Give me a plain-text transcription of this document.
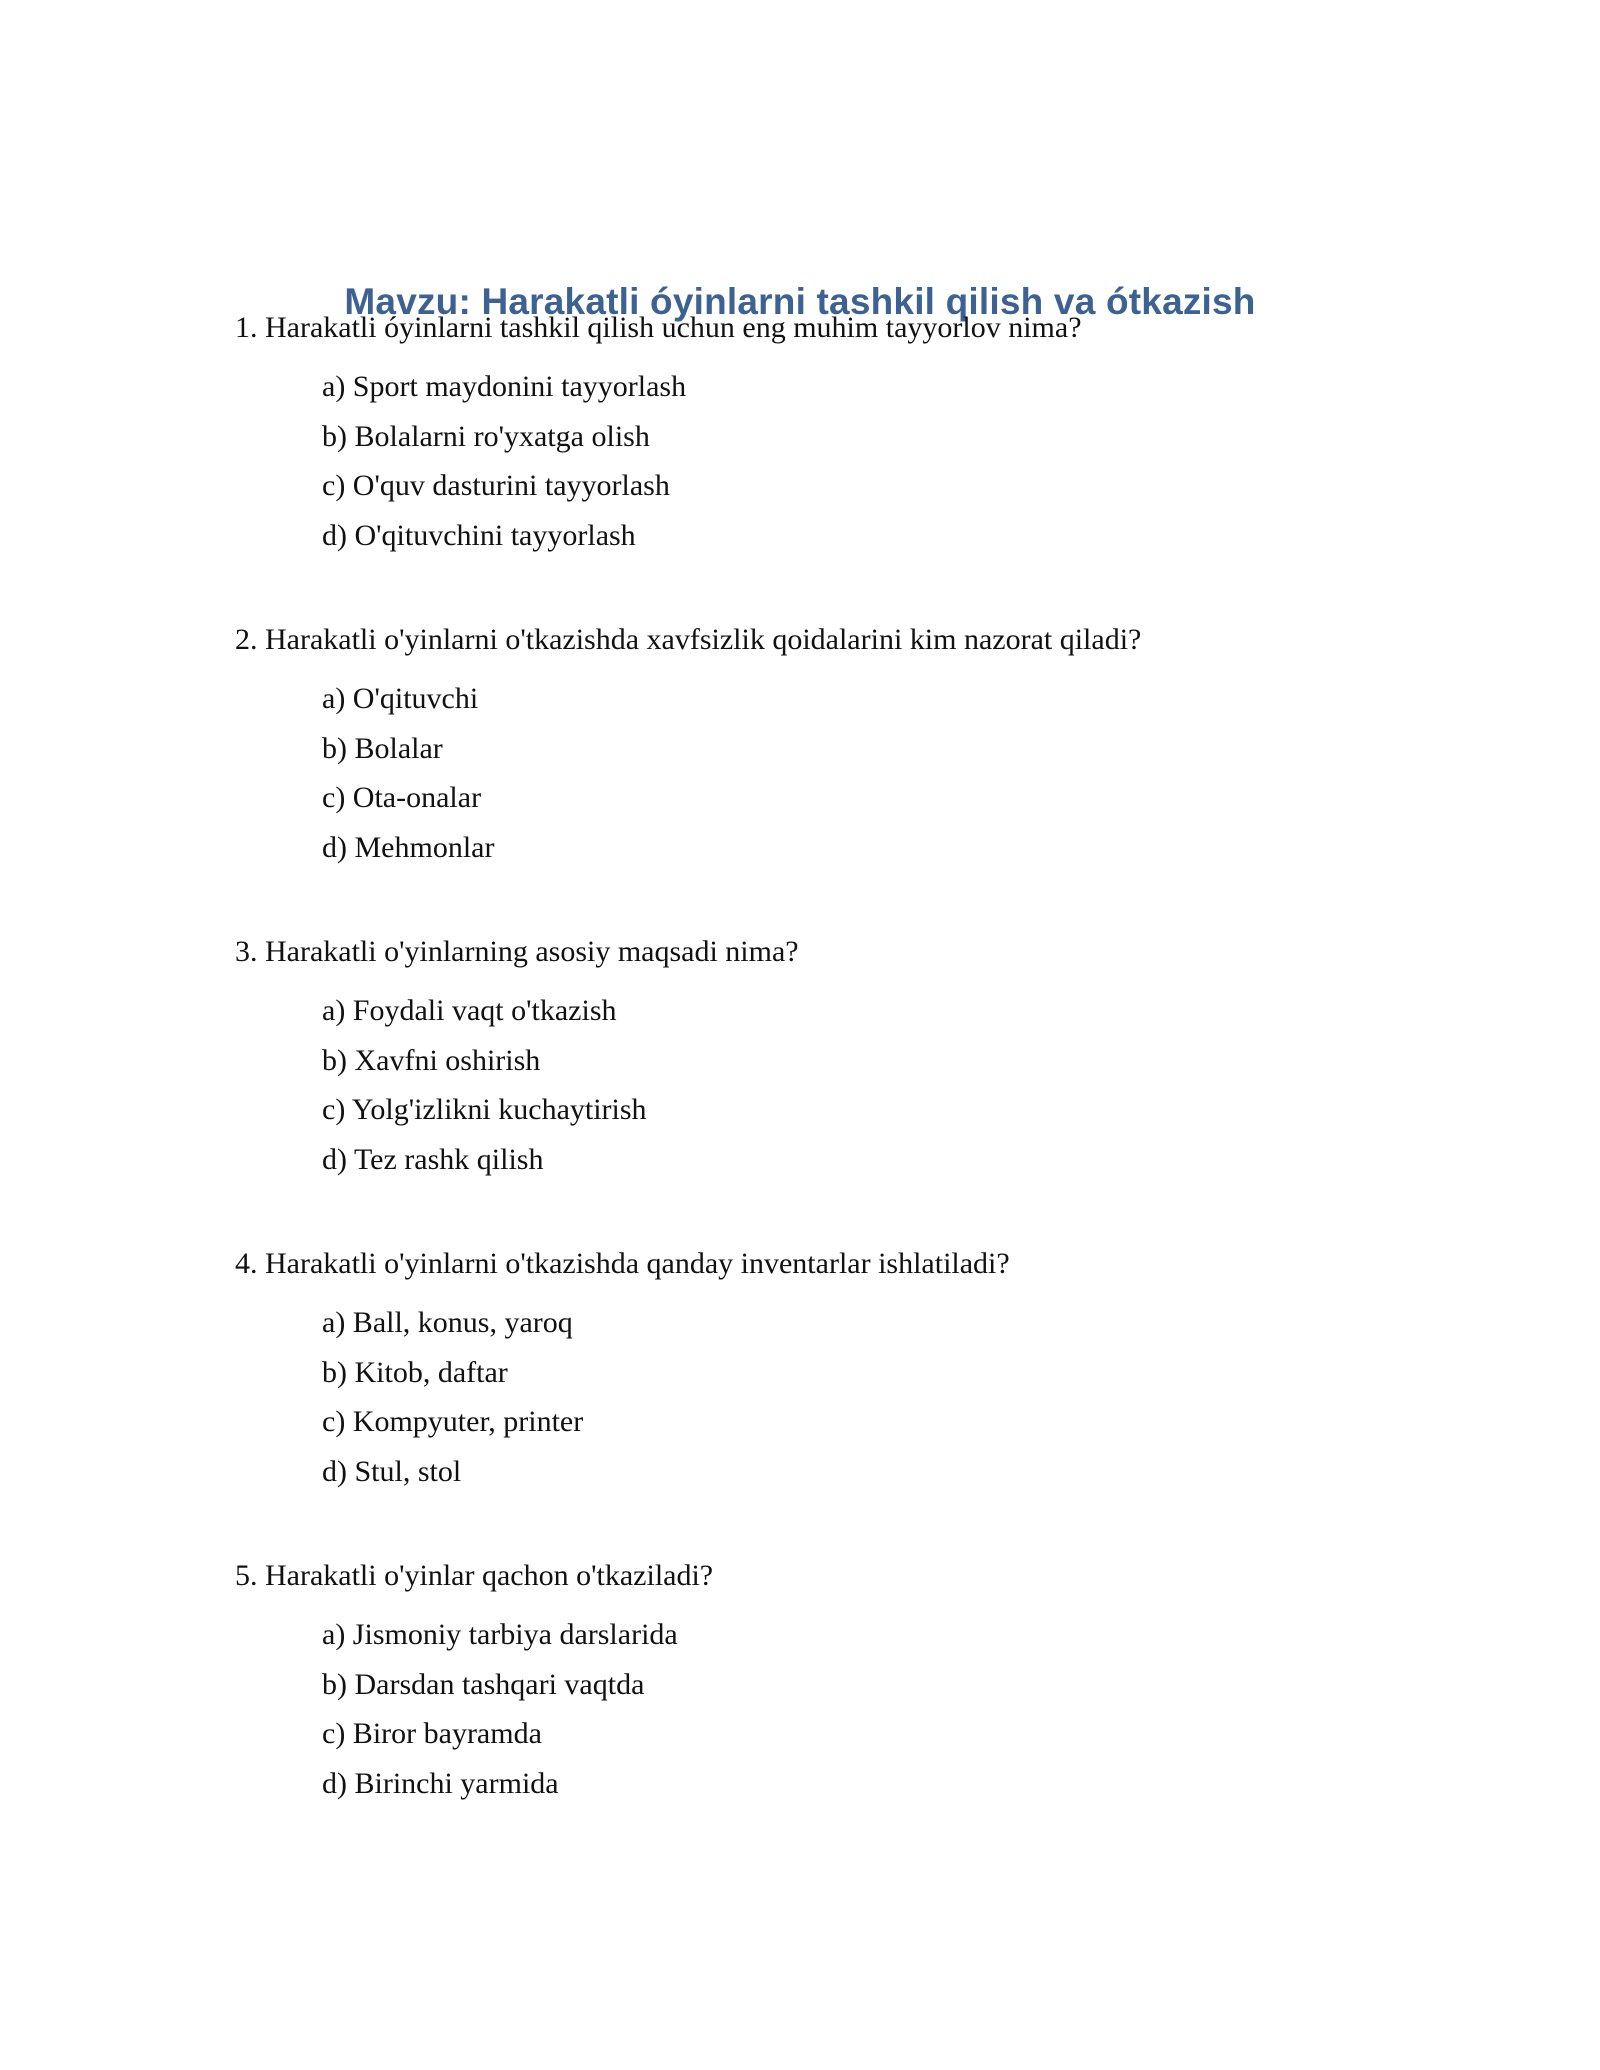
Mavzu: Harakatli óyinlarni tashkil qilish va ótkazish
1. Harakatli óyinlarni tashkil qilish uchun eng muhim tayyorlov nima?
a) Sport maydonini tayyorlash
b) Bolalarni ro'yxatga olish
c) O'quv dasturini tayyorlash
d) O'qituvchini tayyorlash
2. Harakatli o'yinlarni o'tkazishda xavfsizlik qoidalarini kim nazorat qiladi?
a) O'qituvchi
b) Bolalar
c) Ota-onalar
d) Mehmonlar
3. Harakatli o'yinlarning asosiy maqsadi nima?
a) Foydali vaqt o'tkazish
b) Xavfni oshirish
c) Yolg'izlikni kuchaytirish
d) Tez rashk qilish
4. Harakatli o'yinlarni o'tkazishda qanday inventarlar ishlatiladi?
a) Ball, konus, yaroq
b) Kitob, daftar
c) Kompyuter, printer
d) Stul, stol
5. Harakatli o'yinlar qachon o'tkaziladi?
a) Jismoniy tarbiya darslarida
b) Darsdan tashqari vaqtda
c) Biror bayramda
d) Birinchi yarmida
